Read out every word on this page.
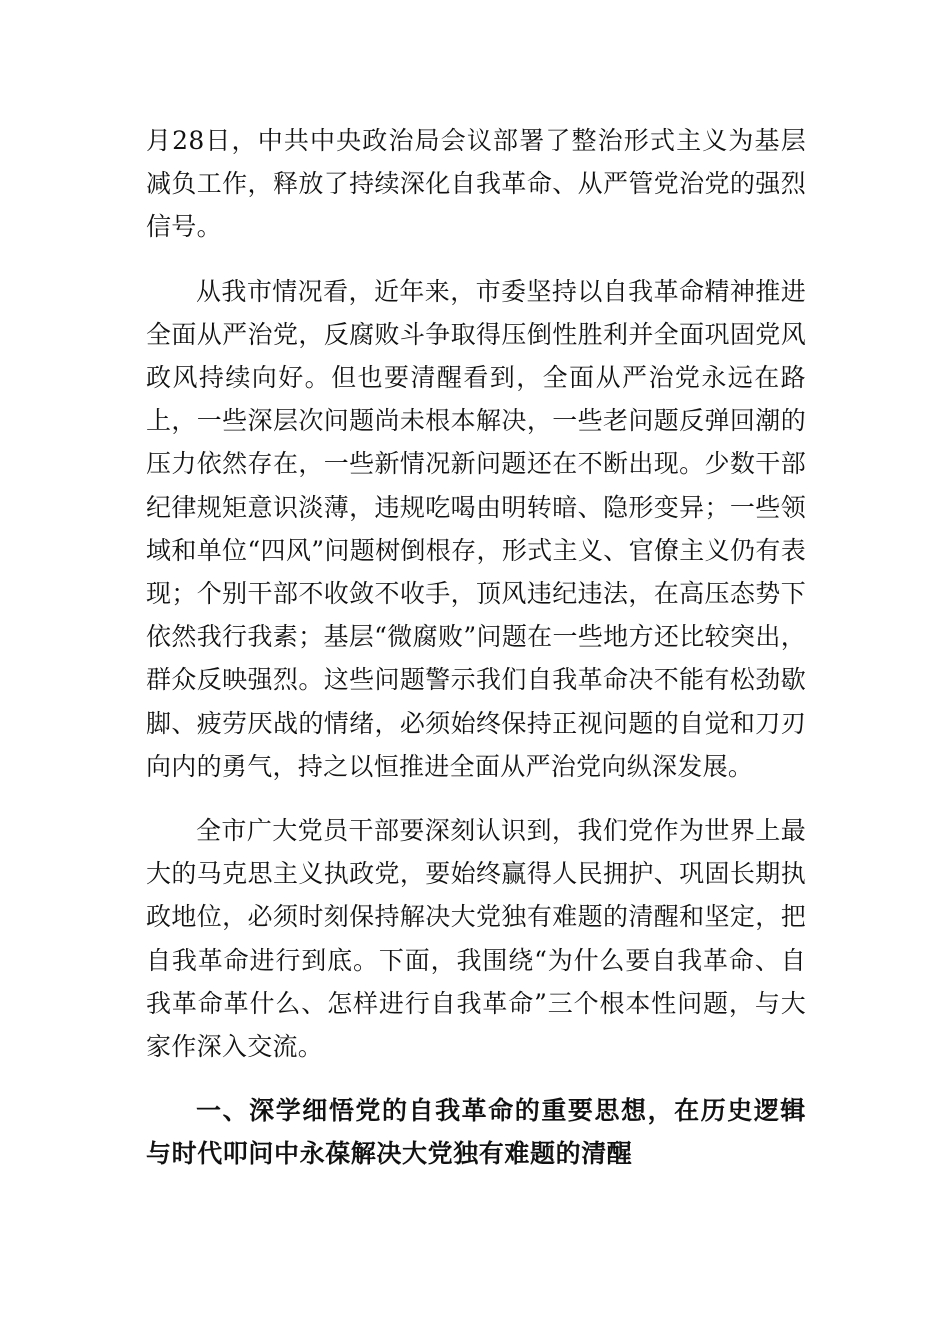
月28日，中共中央政治局会议部署了整治形式主义为基层减负工作，释放了持续深化自我革命、从严管党治党的强烈信号。

从我市情况看，近年来，市委坚持以自我革命精神推进全面从严治党，反腐败斗争取得压倒性胜利并全面巩固党风政风持续向好。但也要清醒看到，全面从严治党永远在路上，一些深层次问题尚未根本解决，一些老问题反弹回潮的压力依然存在，一些新情况新问题还在不断出现。少数干部纪律规矩意识淡薄，违规吃喝由明转暗、隐形变异；一些领域和单位“四风”问题树倒根存，形式主义、官僚主义仍有表现；个别干部不收敛不收手，顶风违纪违法，在高压态势下依然我行我素；基层“微腐败”问题在一些地方还比较突出，群众反映强烈。这些问题警示我们自我革命决不能有松劲歇脚、疲劳厌战的情绪，必须始终保持正视问题的自觉和刀刃向内的勇气，持之以恒推进全面从严治党向纵深发展。

全市广大党员干部要深刻认识到，我们党作为世界上最大的马克思主义执政党，要始终赢得人民拥护、巩固长期执政地位，必须时刻保持解决大党独有难题的清醒和坚定，把自我革命进行到底。下面，我围绕“为什么要自我革命、自我革命革什么、怎样进行自我革命”三个根本性问题，与大家作深入交流。

一、深学细悟党的自我革命的重要思想，在历史逻辑与时代叩问中永葆解决大党独有难题的清醒
